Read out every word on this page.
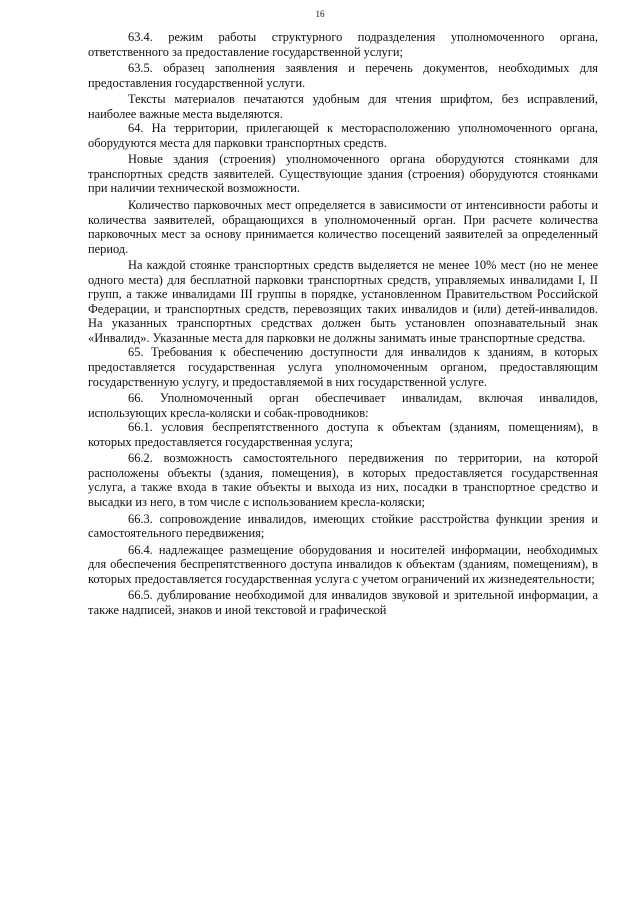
16

63.4. режим работы структурного подразделения уполномоченного органа, ответственного за предоставление государственной услуги;

63.5. образец заполнения заявления и перечень документов, необходимых для предоставления государственной услуги.

Тексты материалов печатаются удобным для чтения шрифтом, без исправлений, наиболее важные места выделяются.

64. На территории, прилегающей к месторасположению уполномоченного органа, оборудуются места для парковки транспортных средств.

Новые здания (строения) уполномоченного органа оборудуются стоянками для транспортных средств заявителей. Существующие здания (строения) оборудуются стоянками при наличии технической возможности.

Количество парковочных мест определяется в зависимости от интенсивности работы и количества заявителей, обращающихся в уполномоченный орган. При расчете количества парковочных мест за основу принимается количество посещений заявителей за определенный период.

На каждой стоянке транспортных средств выделяется не менее 10% мест (но не менее одного места) для бесплатной парковки транспортных средств, управляемых инвалидами I, II групп, а также инвалидами III группы в порядке, установленном Правительством Российской Федерации, и транспортных средств, перевозящих таких инвалидов и (или) детей-инвалидов. На указанных транспортных средствах должен быть установлен опознавательный знак «Инвалид». Указанные места для парковки не должны занимать иные транспортные средства.

65. Требования к обеспечению доступности для инвалидов к зданиям, в которых предоставляется государственная услуга уполномоченным органом, предоставляющим государственную услугу, и предоставляемой в них государственной услуге.

66. Уполномоченный орган обеспечивает инвалидам, включая инвалидов, использующих кресла-коляски и собак-проводников:

66.1. условия беспрепятственного доступа к объектам (зданиям, помещениям), в которых предоставляется государственная услуга;

66.2. возможность самостоятельного передвижения по территории, на которой расположены объекты (здания, помещения), в которых предоставляется государственная услуга, а также входа в такие объекты и выхода из них, посадки в транспортное средство и высадки из него, в том числе с использованием кресла-коляски;

66.3. сопровождение инвалидов, имеющих стойкие расстройства функции зрения и самостоятельного передвижения;

66.4. надлежащее размещение оборудования и носителей информации, необходимых для обеспечения беспрепятственного доступа инвалидов к объектам (зданиям, помещениям), в которых предоставляется государственная услуга с учетом ограничений их жизнедеятельности;

66.5. дублирование необходимой для инвалидов звуковой и зрительной информации, а также надписей, знаков и иной текстовой и графической
